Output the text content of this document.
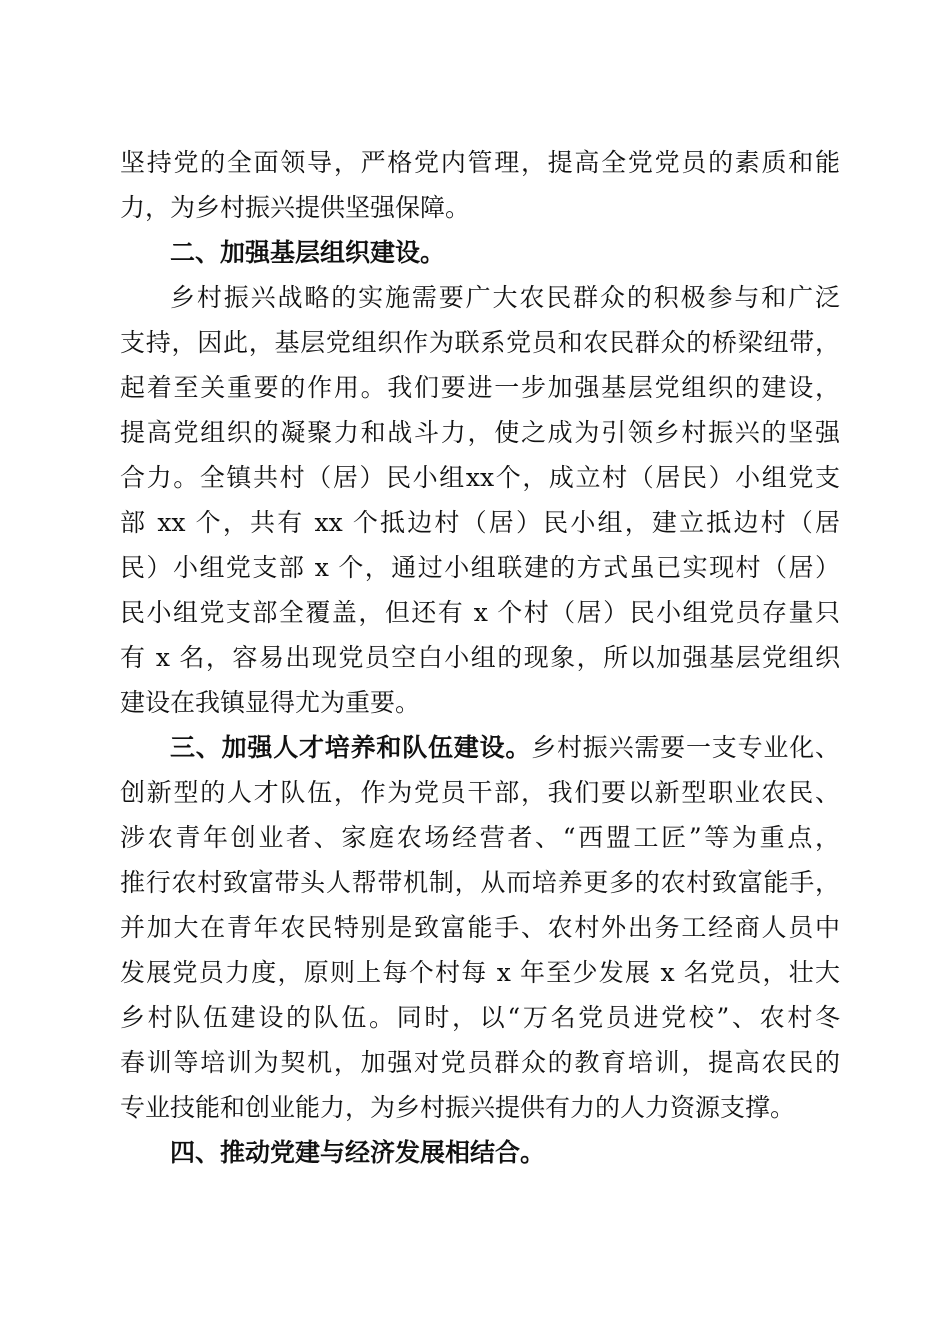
坚持党的全面领导，严格党内管理，提高全党党员的素质和能
力，为乡村振兴提供坚强保障。
二、加强基层组织建设。
乡村振兴战略的实施需要广大农民群众的积极参与和广泛
支持，因此，基层党组织作为联系党员和农民群众的桥梁纽带，
起着至关重要的作用。我们要进一步加强基层党组织的建设，
提高党组织的凝聚力和战斗力，使之成为引领乡村振兴的坚强
合力。全镇共村（居）民小组xx个，成立村（居民）小组党支
部 xx 个，共有 xx 个抵边村（居）民小组，建立抵边村（居
民）小组党支部 x 个，通过小组联建的方式虽已实现村（居）
民小组党支部全覆盖，但还有 x 个村（居）民小组党员存量只
有 x 名，容易出现党员空白小组的现象，所以加强基层党组织
建设在我镇显得尤为重要。
三、加强人才培养和队伍建设。乡村振兴需要一支专业化、
创新型的人才队伍，作为党员干部，我们要以新型职业农民、
涉农青年创业者、家庭农场经营者、“西盟工匠”等为重点，
推行农村致富带头人帮带机制，从而培养更多的农村致富能手，
并加大在青年农民特别是致富能手、农村外出务工经商人员中
发展党员力度，原则上每个村每 x 年至少发展 x 名党员，壮大
乡村队伍建设的队伍。同时，以“万名党员进党校”、农村冬
春训等培训为契机，加强对党员群众的教育培训，提高农民的
专业技能和创业能力，为乡村振兴提供有力的人力资源支撑。
四、推动党建与经济发展相结合。
